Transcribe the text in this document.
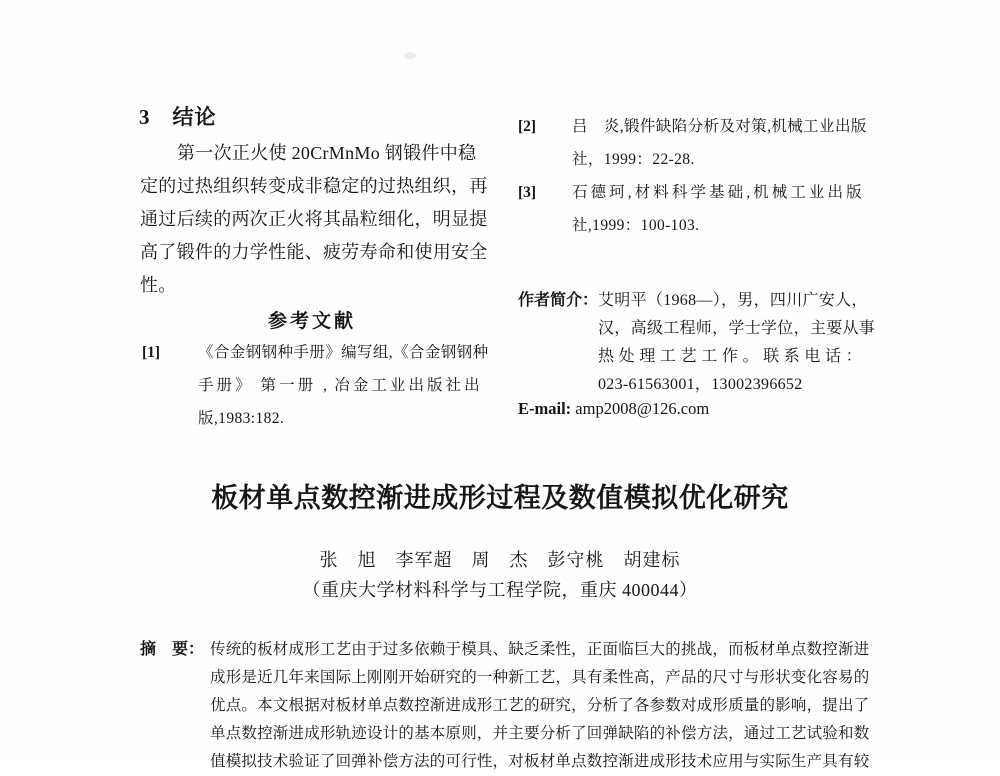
3　结论
第一次正火使 20CrMnMo 钢锻件中稳
定的过热组织转变成非稳定的过热组织，再
通过后续的两次正火将其晶粒细化，明显提
高了锻件的力学性能、疲劳寿命和使用安全
性。
参考文献
[1] 《合金钢钢种手册》编写组,《合金钢钢种
手册》 第一册 , 冶金工业出版社出
版,1983:182.
[2] 吕　炎,锻件缺陷分析及对策,机械工业出版
社，1999：22-28.
[3] 石德珂,材料科学基础,机械工业出版
社,1999：100-103.
作者简介： 艾明平（1968—），男，四川广安人，
汉，高级工程师，学士学位，主要从事
热处理工艺工作。联系电话：
023-61563001，13002396652
E-mail: amp2008@126.com
板材单点数控渐进成形过程及数值模拟优化研究
张　旭　李军超　周　杰　彭守桃　胡建标
（重庆大学材料科学与工程学院，重庆 400044）
摘　要： 传统的板材成形工艺由于过多依赖于模具、缺乏柔性，正面临巨大的挑战，而板材单点数控渐进
成形是近几年来国际上刚刚开始研究的一种新工艺，具有柔性高，产品的尺寸与形状变化容易的
优点。本文根据对板材单点数控渐进成形工艺的研究，分析了各参数对成形质量的影响，提出了
单点数控渐进成形轨迹设计的基本原则，并主要分析了回弹缺陷的补偿方法，通过工艺试验和数
值模拟技术验证了回弹补偿方法的可行性，对板材单点数控渐进成形技术应用与实际生产具有较
